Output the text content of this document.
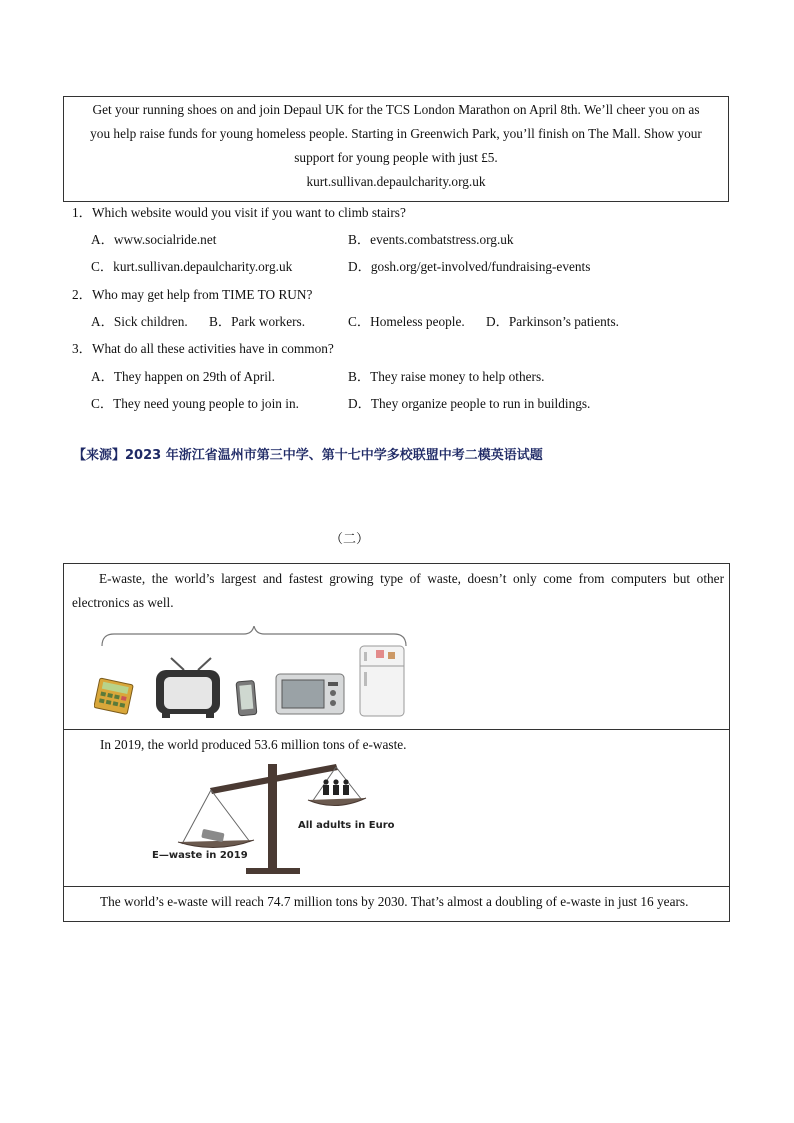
Get your running shoes on and join Depaul UK for the TCS London Marathon on April 8th. We’ll cheer you on as

you help raise funds for young homeless people. Starting in Greenwich Park, you’ll finish on The Mall. Show your

support for young people with just £5.

kurt.sullivan.depaulcharity.org.uk

1．Which website would you visit if you want to climb stairs?
A．www.socialride.net	B．events.combatstress.org.uk
C．kurt.sullivan.depaulcharity.org.uk	D．gosh.org/get-involved/fundraising-events
2．Who may get help from TIME TO RUN?
A．Sick children. B．Park workers.	C．Homeless people. D．Parkinson’s patients.
3．What do all these activities have in common?
A．They happen on 29th of April.	B．They raise money to help others.
C．They need young people to join in.	D．They organize people to run in buildings.
【来源】2023 年浙江省温州市第三中学、第十七中学多校联盟中考二模英语试题
（二）
E-waste, the world’s largest and fastest growing type of waste, doesn’t only come from computers but other electronics as well.
In 2019, the world produced 53.6 million tons of e-waste.
All adults in Euro
E—waste in 2019
The world’s e-waste will reach 74.7 million tons by 2030. That’s almost a doubling of e-waste in just 16 years.
